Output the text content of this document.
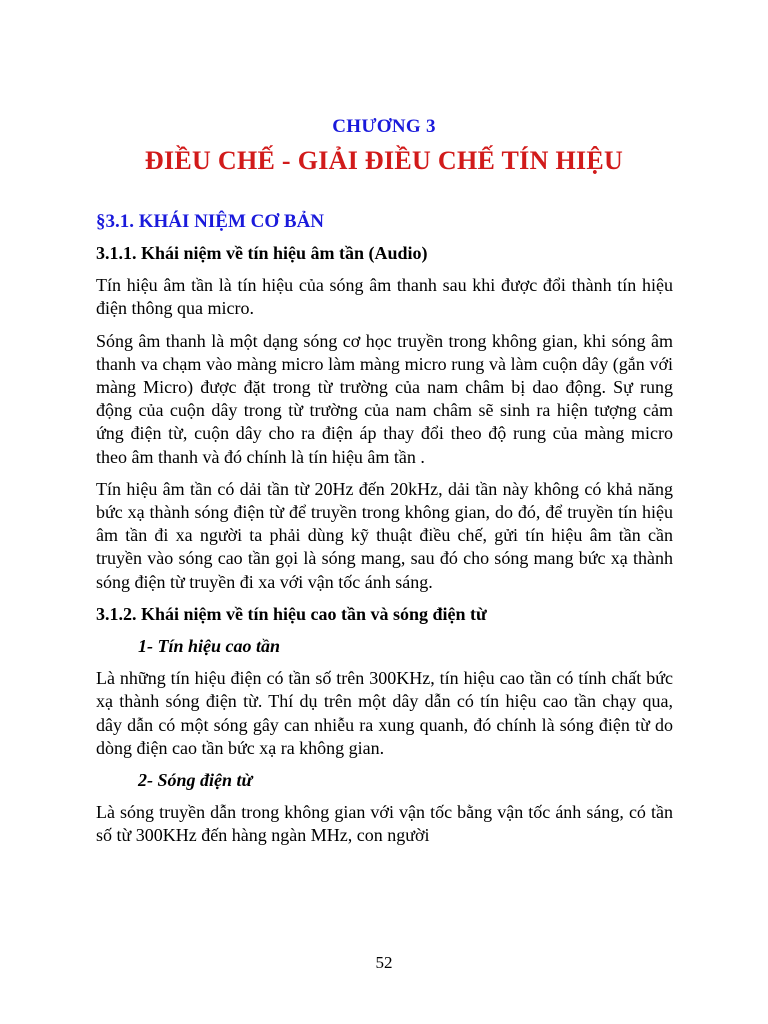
CHƯƠNG 3
ĐIỀU CHẾ - GIẢI ĐIỀU CHẾ TÍN HIỆU
§3.1. KHÁI NIỆM CƠ BẢN

3.1.1. Khái niệm về tín hiệu âm tần (Audio)

Tín hiệu âm tần là tín hiệu của sóng âm thanh sau khi được đổi thành tín hiệu điện thông qua micro.

Sóng âm thanh là một dạng sóng cơ học truyền trong không gian, khi sóng âm thanh va chạm vào màng micro làm màng micro rung và làm cuộn dây (gắn với màng Micro) được đặt trong từ trường của nam châm bị dao động. Sự rung động của cuộn dây trong từ trường của nam châm sẽ sinh ra hiện tượng cảm ứng điện từ, cuộn dây cho ra điện áp thay đổi theo độ rung của màng micro theo âm thanh và đó chính là tín hiệu âm tần .

Tín hiệu âm tần có dải tần từ 20Hz đến 20kHz, dải tần này không có khả năng bức xạ thành sóng điện từ để truyền trong không gian, do đó, để truyền tín hiệu âm tần đi xa người ta phải dùng kỹ thuật điều chế, gửi tín hiệu âm tần cần truyền vào sóng cao tần gọi là sóng mang, sau đó cho sóng mang bức xạ thành sóng điện từ truyền đi xa với vận tốc ánh sáng.

3.1.2. Khái niệm về tín hiệu cao tần và sóng điện từ

1- Tín hiệu cao tần

Là những tín hiệu điện có tần số trên 300KHz, tín hiệu cao tần có tính chất bức xạ thành sóng điện từ. Thí dụ trên một dây dẫn có tín hiệu cao tần chạy qua, dây dẫn có một sóng gây can nhiễu ra xung quanh, đó chính là sóng điện từ do dòng điện cao tần bức xạ ra không gian.

2- Sóng điện từ

Là sóng truyền dẫn trong không gian với vận tốc bằng vận tốc ánh sáng, có tần số từ 300KHz đến hàng ngàn MHz, con người

52
